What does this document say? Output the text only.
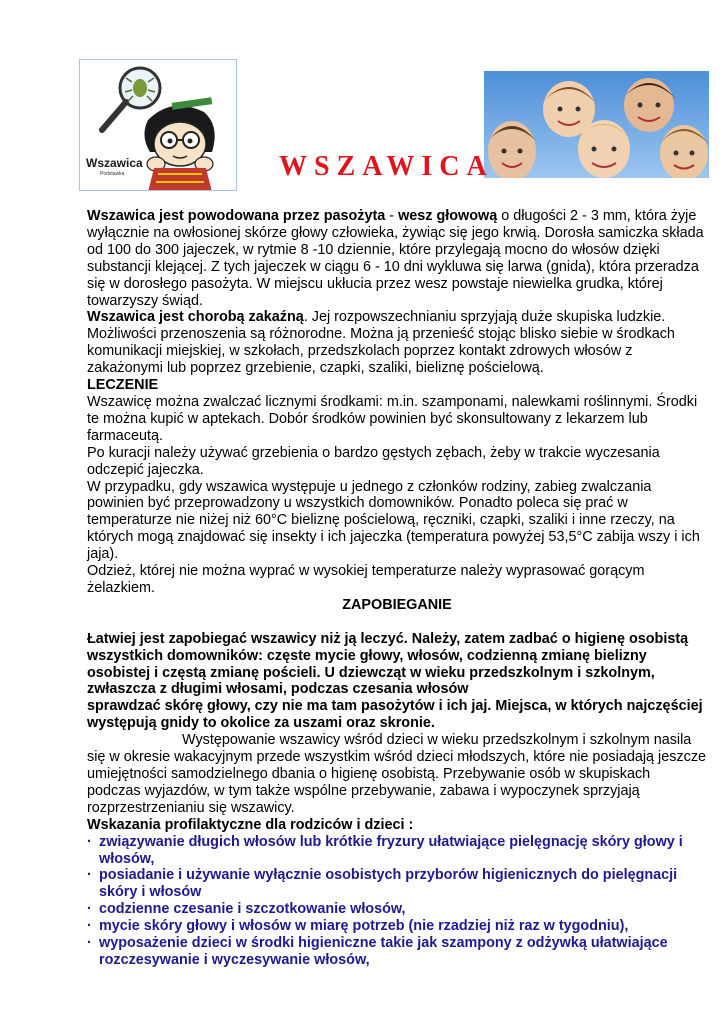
Wszawica
Podstawka	WSZAWICA

Wszawica jest powodowana przez pasożyta - wesz głowową o długości 2 - 3 mm, która żyje wyłącznie na owłosionej skórze głowy człowieka, żywiąc się jego krwią. Dorosła samiczka składa od 100 do 300 jajeczek, w rytmie 8 -10 dziennie, które przylegają mocno do włosów dzięki substancji klejącej. Z tych jajeczek w ciągu 6 - 10 dni wykluwa się larwa (gnida), która przeradza się w dorosłego pasożyta. W miejscu ukłucia przez wesz powstaje niewielka grudka, której towarzyszy świąd.

Wszawica jest chorobą zakaźną. Jej rozpowszechnianiu sprzyjają duże skupiska ludzkie. Możliwości przenoszenia są różnorodne. Można ją przenieść stojąc blisko siebie w środkach komunikacji miejskiej, w szkołach, przedszkolach poprzez kontakt zdrowych włosów z zakażonymi lub poprzez grzebienie, czapki, szaliki, bieliznę pościelową.

LECZENIE

Wszawicę można zwalczać licznymi środkami: m.in. szamponami, nalewkami roślinnymi. Środki te można kupić w aptekach. Dobór środków powinien być skonsultowany z lekarzem lub farmaceutą.

Po kuracji należy używać grzebienia o bardzo gęstych zębach, żeby w trakcie wyczesania odczepić jajeczka.

W przypadku, gdy wszawica występuje u jednego z członków rodziny, zabieg zwalczania powinien być przeprowadzony u wszystkich domowników. Ponadto poleca się prać w temperaturze nie niżej niż 60°C bieliznę pościelową, ręczniki, czapki, szaliki i inne rzeczy, na których mogą znajdować się insekty i ich jajeczka (temperatura powyżej 53,5°C zabija wszy i ich jaja).

Odzież, której nie można wyprać w wysokiej temperaturze należy wyprasować gorącym żelazkiem.

ZAPOBIEGANIE

Łatwiej jest zapobiegać wszawicy niż ją leczyć. Należy, zatem zadbać o higienę osobistą wszystkich domowników: częste mycie głowy, włosów, codzienną zmianę bielizny osobistej i częstą zmianę pościeli. U dziewcząt w wieku przedszkolnym i szkolnym, zwłaszcza z długimi włosami, podczas czesania włosów

sprawdzać skórę głowy, czy nie ma tam pasożytów i ich jaj. Miejsca, w których najczęściej występują gnidy to okolice za uszami oraz skronie.

Występowanie wszawicy wśród dzieci w wieku przedszkolnym i szkolnym nasila

się w okresie wakacyjnym przede wszystkim wśród dzieci młodszych, które nie posiadają jeszcze umiejętności samodzielnego dbania o higienę osobistą. Przebywanie osób w skupiskach podczas wyjazdów, w tym także wspólne przebywanie, zabawa i wypoczynek sprzyjają rozprzestrzenianiu się wszawicy.

Wskazania profilaktyczne dla rodziców i dzieci :

· związywanie długich włosów lub krótkie fryzury ułatwiające pielęgnację skóry głowy i włosów,
· posiadanie i używanie wyłącznie osobistych przyborów higienicznych do pielęgnacji skóry i włosów
· codzienne czesanie i szczotkowanie włosów,
· mycie skóry głowy i włosów w miarę potrzeb (nie rzadziej niż raz w tygodniu),
· wyposażenie dzieci w środki higieniczne takie jak szampony z odżywką ułatwiające rozczesywanie i wyczesywanie włosów,
